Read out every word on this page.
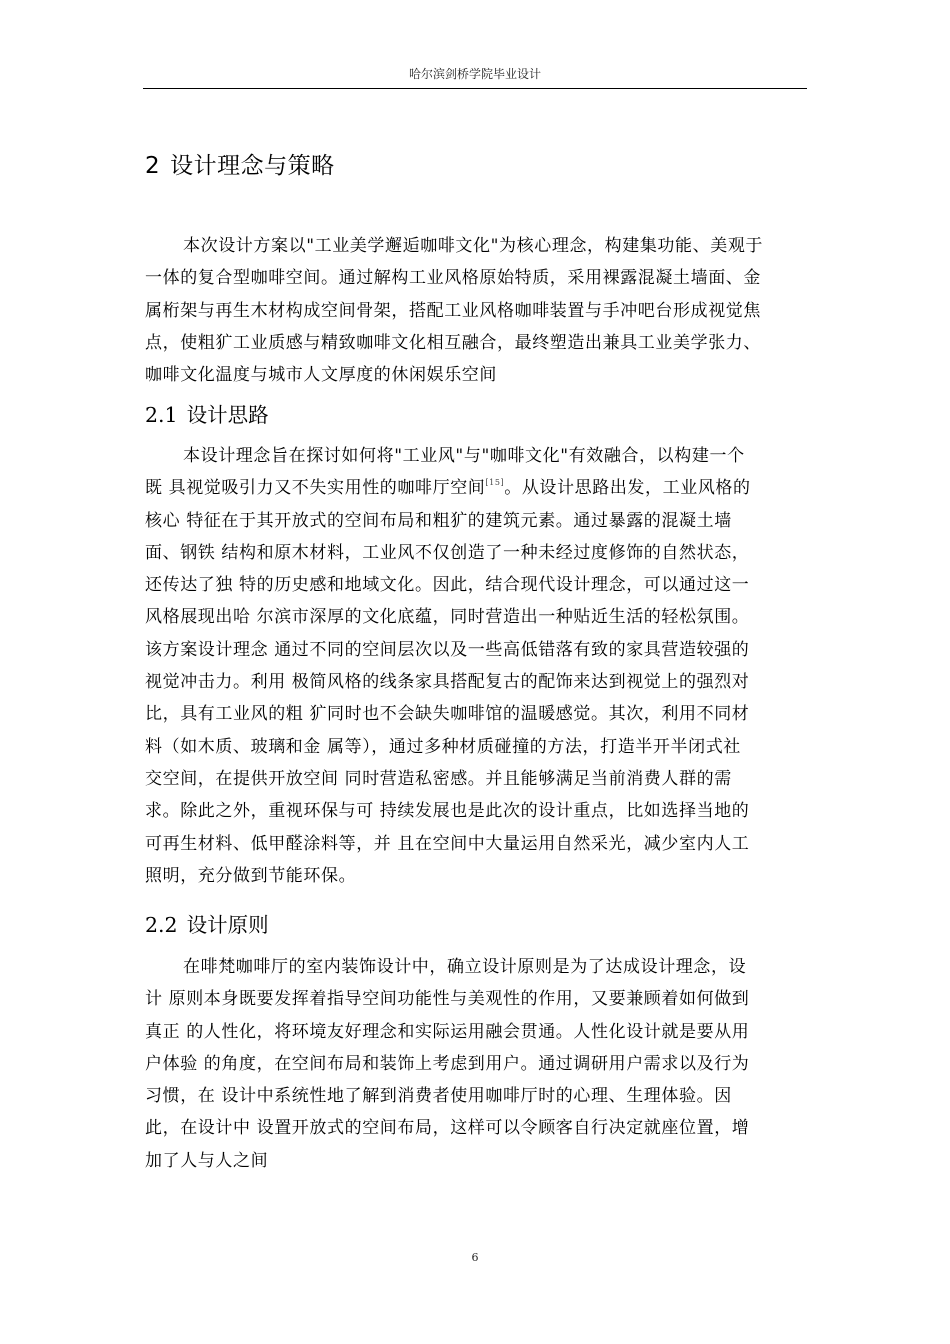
哈尔滨剑桥学院毕业设计
2 设计理念与策略

本次设计方案以"工业美学邂逅咖啡文化"为核心理念，构建集功能、美观于
一体的复合型咖啡空间。通过解构工业风格原始特质，采用裸露混凝土墙面、金
属桁架与再生木材构成空间骨架，搭配工业风格咖啡装置与手冲吧台形成视觉焦
点，使粗犷工业质感与精致咖啡文化相互融合，最终塑造出兼具工业美学张力、
咖啡文化温度与城市人文厚度的休闲娱乐空间

2.1 设计思路

本设计理念旨在探讨如何将"工业风"与"咖啡文化"有效融合，以构建一个
既 具视觉吸引力又不失实用性的咖啡厅空间[15]。从设计思路出发，工业风格的
核心 特征在于其开放式的空间布局和粗犷的建筑元素。通过暴露的混凝土墙
面、钢铁 结构和原木材料，工业风不仅创造了一种未经过度修饰的自然状态，
还传达了独 特的历史感和地域文化。因此，结合现代设计理念，可以通过这一
风格展现出哈 尔滨市深厚的文化底蕴，同时营造出一种贴近生活的轻松氛围。
该方案设计理念 通过不同的空间层次以及一些高低错落有致的家具营造较强的
视觉冲击力。利用 极简风格的线条家具搭配复古的配饰来达到视觉上的强烈对
比，具有工业风的粗 犷同时也不会缺失咖啡馆的温暖感觉。其次，利用不同材
料（如木质、玻璃和金 属等），通过多种材质碰撞的方法，打造半开半闭式社
交空间，在提供开放空间 同时营造私密感。并且能够满足当前消费人群的需
求。除此之外，重视环保与可 持续发展也是此次的设计重点，比如选择当地的
可再生材料、低甲醛涂料等，并 且在空间中大量运用自然采光，减少室内人工
照明，充分做到节能环保。

2.2 设计原则

在啡梵咖啡厅的室内装饰设计中，确立设计原则是为了达成设计理念，设
计 原则本身既要发挥着指导空间功能性与美观性的作用，又要兼顾着如何做到
真正 的人性化，将环境友好理念和实际运用融会贯通。人性化设计就是要从用
户体验 的角度，在空间布局和装饰上考虑到用户。通过调研用户需求以及行为
习惯，在 设计中系统性地了解到消费者使用咖啡厅时的心理、生理体验。因
此，在设计中 设置开放式的空间布局，这样可以令顾客自行决定就座位置，增
加了人与人之间

6
